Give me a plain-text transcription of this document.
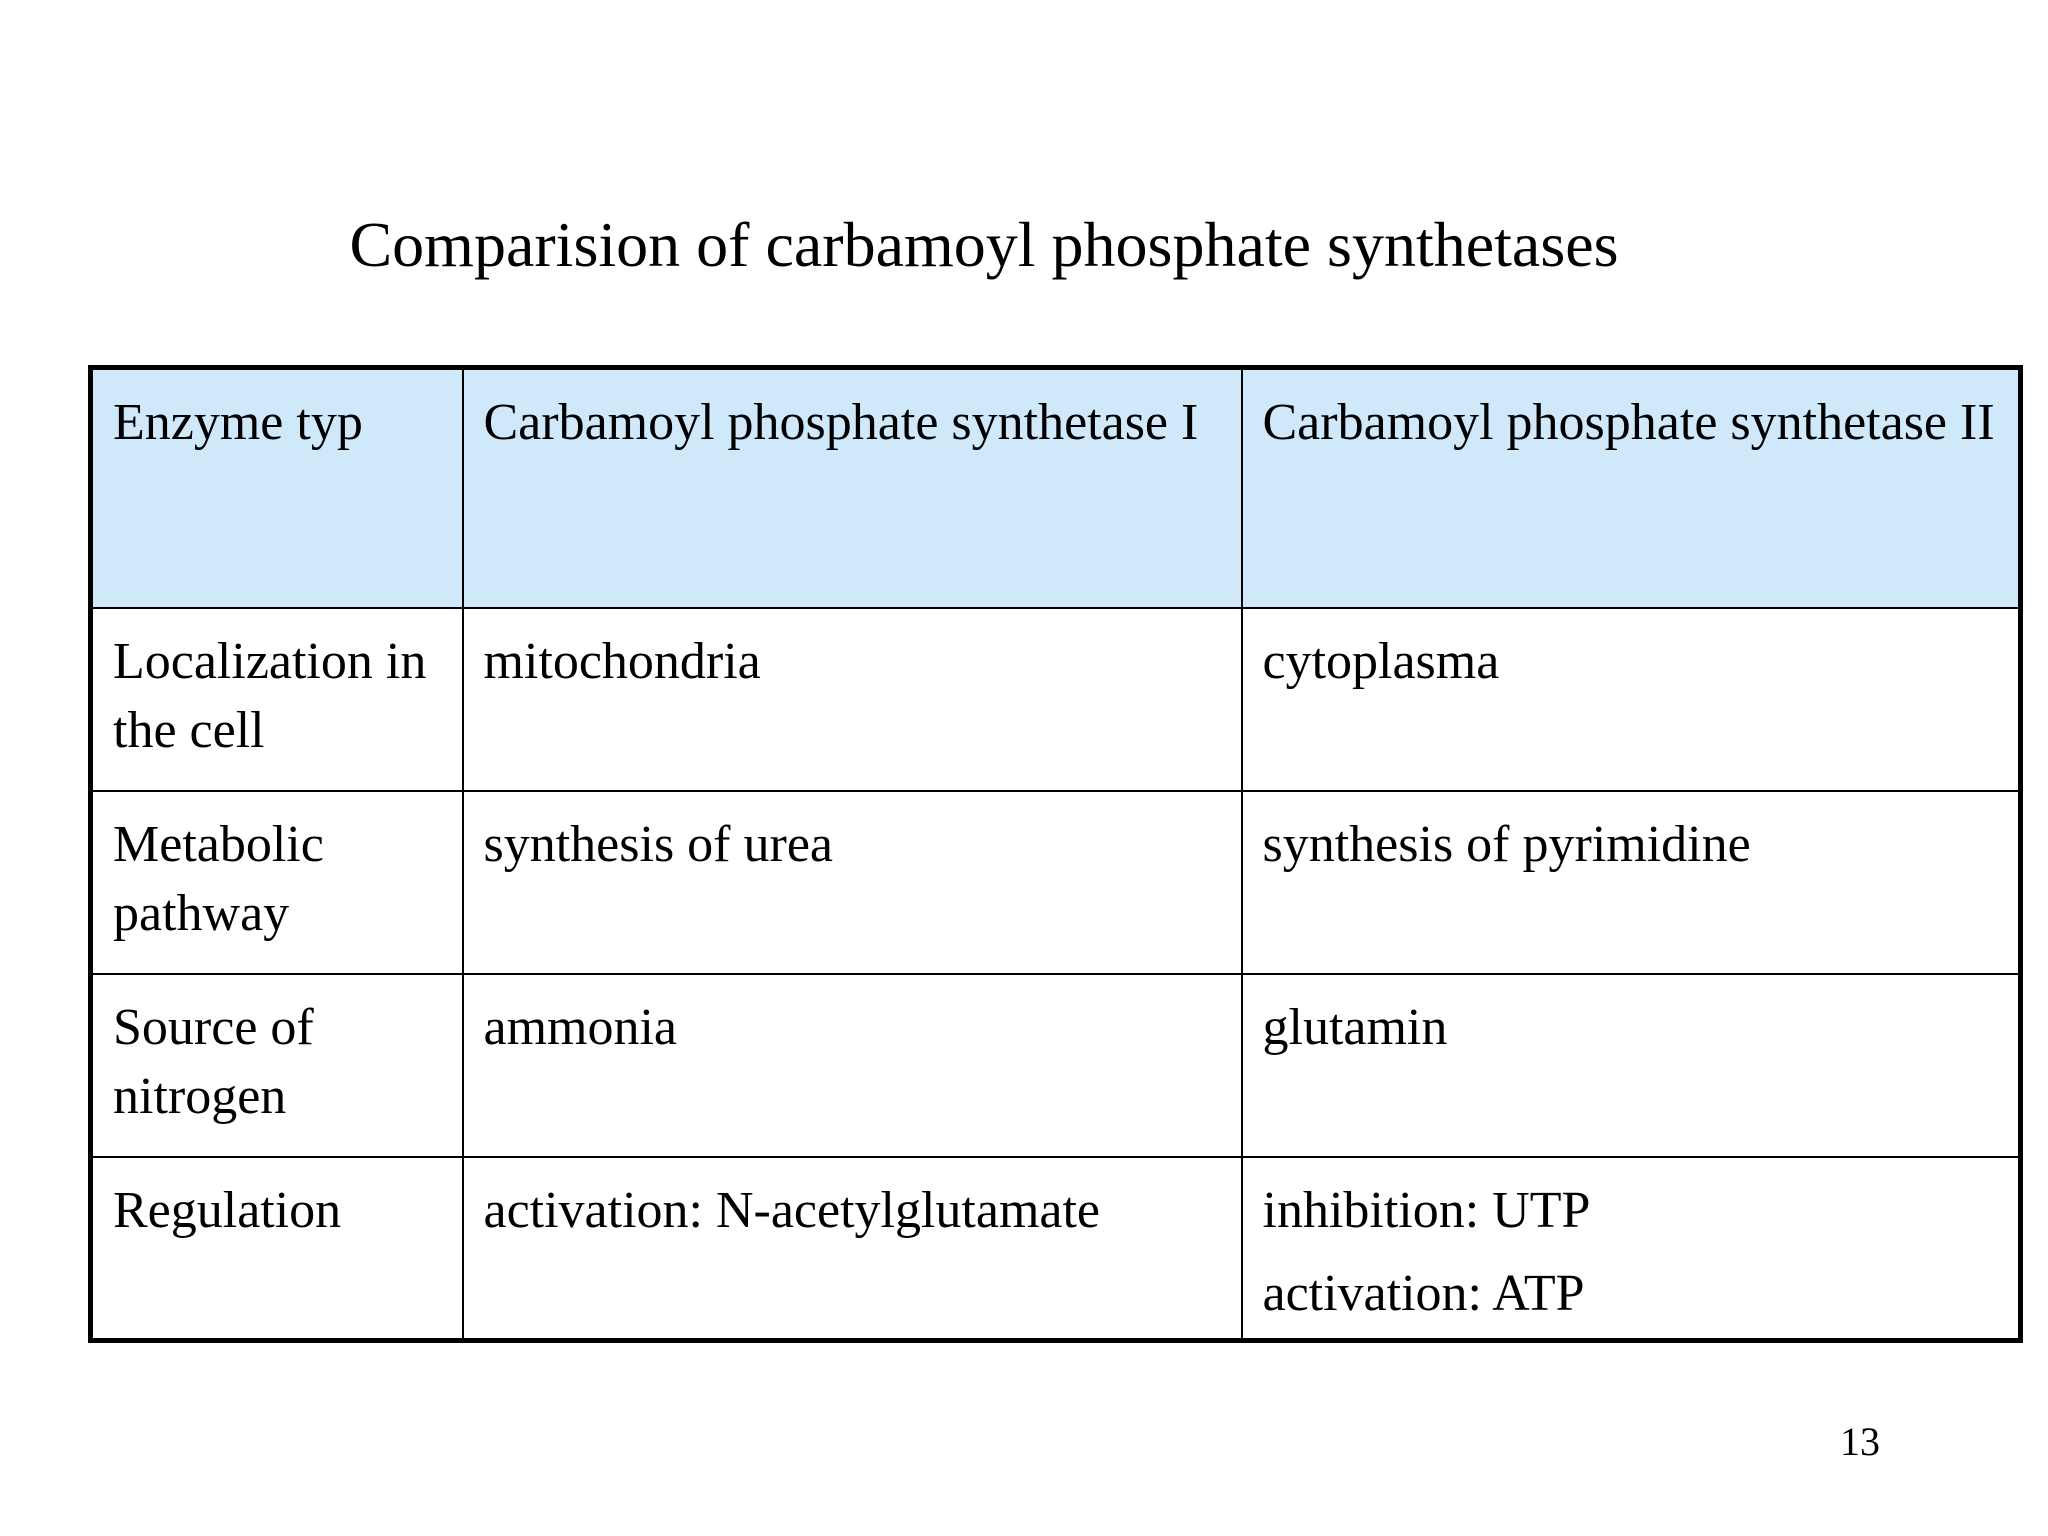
Comparision of carbamoyl phosphate synthetases
Enzyme typ	Carbamoyl phosphate synthetase I	Carbamoyl phosphate synthetase II
Localization in the cell	mitochondria	cytoplasma
Metabolic pathway	synthesis of urea	synthesis of pyrimidine
Source of nitrogen	ammonia	glutamin
Regulation	activation: N-acetylglutamate	inhibition: UTP
activation: ATP
13
